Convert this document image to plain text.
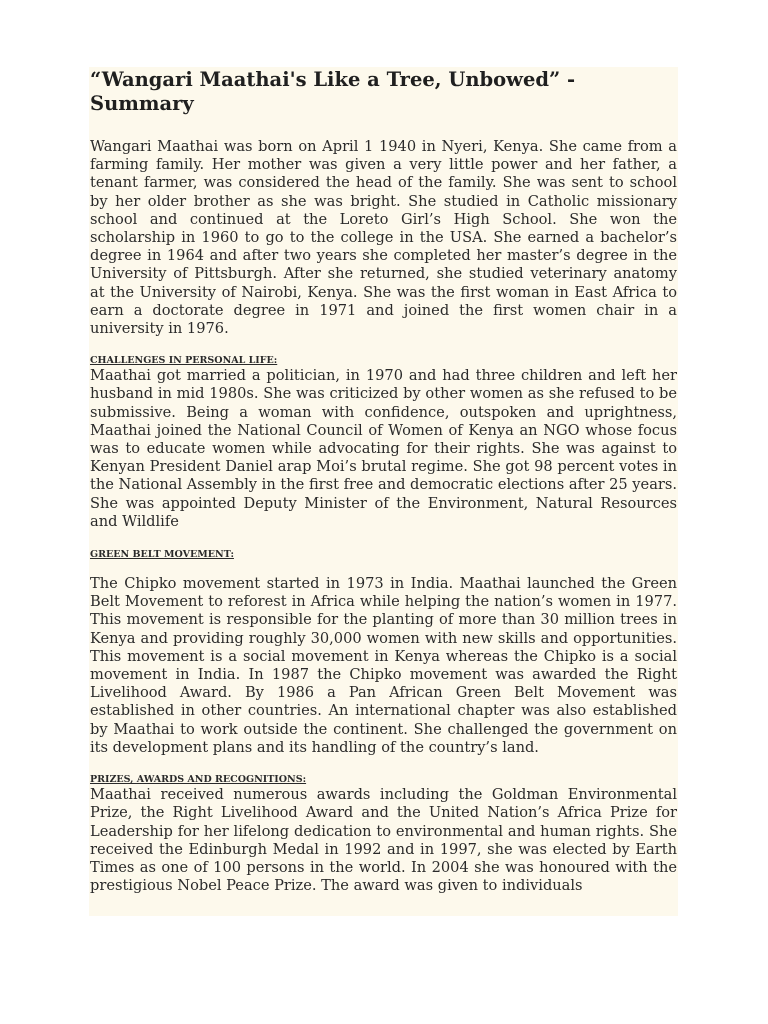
“Wangari Maathai's Like a Tree, Unbowed” - Summary

Wangari Maathai was born on April 1 1940 in Nyeri, Kenya. She came from a farming family. Her mother was given a very little power and her father, a tenant farmer, was considered the head of the family. She was sent to school by her older brother as she was bright. She studied in Catholic missionary school and continued at the Loreto Girl’s High School. She won the scholarship in 1960 to go to the college in the USA. She earned a bachelor’s degree in 1964 and after two years she completed her master’s degree in the University of Pittsburgh. After she returned, she studied veterinary anatomy at the University of Nairobi, Kenya. She was the first woman in East Africa to earn a doctorate degree in 1971 and joined the first women chair in a university in 1976.

CHALLENGES IN PERSONAL LIFE:

Maathai got married a politician, in 1970 and had three children and left her husband in mid 1980s. She was criticized by other women as she refused to be submissive. Being a woman with confidence, outspoken and uprightness, Maathai joined the National Council of Women of Kenya an NGO whose focus was to educate women while advocating for their rights. She was against to Kenyan President Daniel arap Moi’s brutal regime. She got 98 percent votes in the National Assembly in the first free and democratic elections after 25 years. She was appointed Deputy Minister of the Environment, Natural Resources and Wildlife

GREEN BELT MOVEMENT:

The Chipko movement started in 1973 in India. Maathai launched the Green Belt Movement to reforest in Africa while helping the nation’s women in 1977. This movement is responsible for the planting of more than 30 million trees in Kenya and providing roughly 30,000 women with new skills and opportunities. This movement is a social movement in Kenya whereas the Chipko is a social movement in India. In 1987 the Chipko movement was awarded the Right Livelihood Award. By 1986 a Pan African Green Belt Movement was established in other countries. An international chapter was also established by Maathai to work outside the continent. She challenged the government on its development plans and its handling of the country’s land.

PRIZES, AWARDS AND RECOGNITIONS:

Maathai received numerous awards including the Goldman Environmental Prize, the Right Livelihood Award and the United Nation’s Africa Prize for Leadership for her lifelong dedication to environmental and human rights. She received the Edinburgh Medal in 1992 and in 1997, she was elected by Earth Times as one of 100 persons in the world. In 2004 she was honoured with the prestigious Nobel Peace Prize. The award was given to individuals
